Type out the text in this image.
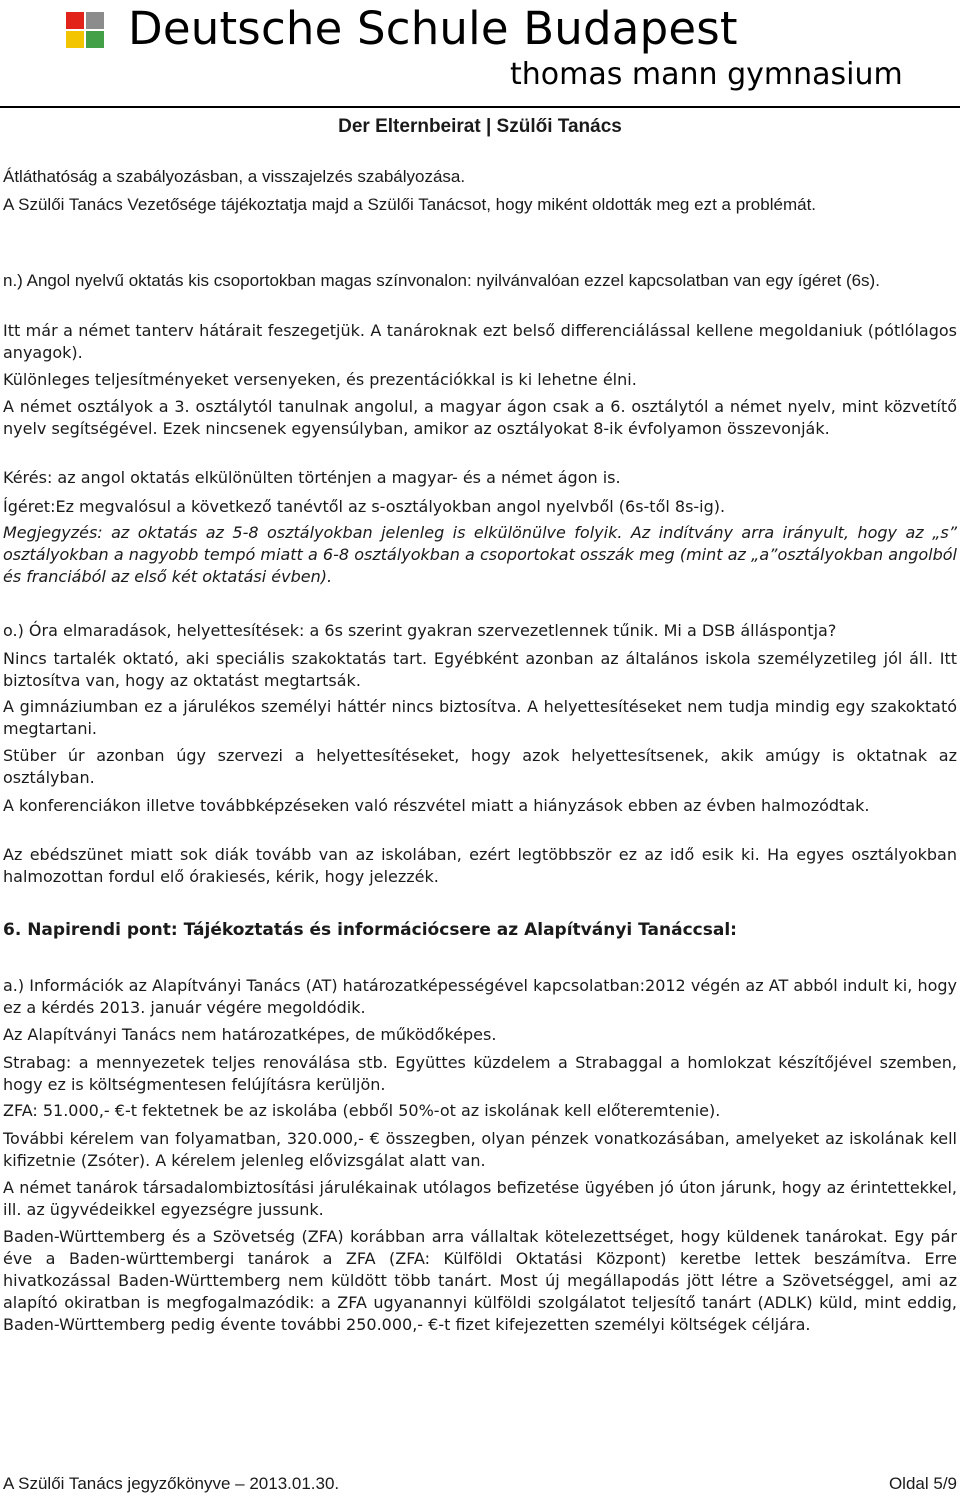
Deutsche Schule Budapest
thomas mann gymnasium
Der Elternbeirat | Szülői Tanács

Átláthatóság a szabályozásban, a visszajelzés szabályozása.

A Szülői Tanács Vezetősége tájékoztatja majd a Szülői Tanácsot, hogy miként oldották meg ezt a problémát.

n.) Angol nyelvű oktatás kis csoportokban magas színvonalon: nyilvánvalóan ezzel kapcsolatban van egy ígéret (6s).

Itt már a német tanterv hátárait feszegetjük. A tanároknak ezt belső differenciálással kellene megoldaniuk (pótlólagos anyagok).

Különleges teljesítményeket versenyeken, és prezentációkkal is ki lehetne élni.

A német osztályok a 3. osztálytól tanulnak angolul, a magyar ágon csak a 6. osztálytól a német nyelv, mint közvetítő nyelv segítségével. Ezek nincsenek egyensúlyban, amikor az osztályokat 8-ik évfolyamon összevonják.

Kérés: az angol oktatás elkülönülten történjen a magyar- és a német ágon is.

Ígéret:Ez megvalósul a következő tanévtől az s-osztályokban angol nyelvből (6s-től 8s-ig).

Megjegyzés: az oktatás az 5-8 osztályokban jelenleg is elkülönülve folyik. Az indítvány arra irányult, hogy az „s” osztályokban a nagyobb tempó miatt a 6-8 osztályokban a csoportokat osszák meg (mint az „a”osztályokban angolból és franciából az első két oktatási évben).

o.) Óra elmaradások, helyettesítések: a 6s szerint gyakran szervezetlennek tűnik. Mi a DSB álláspontja?

Nincs tartalék oktató, aki speciális szakoktatás tart. Egyébként azonban az általános iskola személyzetileg jól áll. Itt biztosítva van, hogy az oktatást megtartsák.

A gimnáziumban ez a járulékos személyi háttér nincs biztosítva. A helyettesítéseket nem tudja mindig egy szakoktató megtartani.

Stüber úr azonban úgy szervezi a helyettesítéseket, hogy azok helyettesítsenek, akik amúgy is oktatnak az osztályban.

A konferenciákon illetve továbbképzéseken való részvétel miatt a hiányzások ebben az évben halmozódtak.

Az ebédszünet miatt sok diák tovább van az iskolában, ezért legtöbbször ez az idő esik ki. Ha egyes osztályokban halmozottan fordul elő órakiesés, kérik, hogy jelezzék.

6. Napirendi pont: Tájékoztatás és információcsere az Alapítványi Tanáccsal:

a.) Információk az Alapítványi Tanács (AT) határozatképességével kapcsolatban:2012 végén az AT abból indult ki, hogy ez a kérdés 2013. január végére megoldódik.

Az Alapítványi Tanács nem határozatképes, de működőképes.

Strabag: a mennyezetek teljes renoválása stb. Együttes küzdelem a Strabaggal a homlokzat készítőjével szemben, hogy ez is költségmentesen felújításra kerüljön.

ZFA: 51.000,- €-t fektetnek be az iskolába (ebből 50%-ot az iskolának kell előteremtenie).

További kérelem van folyamatban, 320.000,- € összegben, olyan pénzek vonatkozásában, amelyeket az iskolának kell kifizetnie (Zsóter). A kérelem jelenleg elővizsgálat alatt van.

A német tanárok társadalombiztosítási járulékainak utólagos befizetése ügyében jó úton járunk, hogy az érintettekkel, ill. az ügyvédeikkel egyezségre jussunk.

Baden-Württemberg és a Szövetség (ZFA) korábban arra vállaltak kötelezettséget, hogy küldenek tanárokat. Egy pár éve a Baden-württembergi tanárok a ZFA (ZFA: Külföldi Oktatási Központ) keretbe lettek beszámítva. Erre hivatkozással Baden-Württemberg nem küldött több tanárt. Most új megállapodás jött létre a Szövetséggel, ami az alapító okiratban is megfogalmazódik: a ZFA ugyanannyi külföldi szolgálatot teljesítő tanárt (ADLK) küld, mint eddig, Baden-Württemberg pedig évente további 250.000,- €-t fizet kifejezetten személyi költségek céljára.

A Szülői Tanács jegyzőkönyve – 2013.01.30.	Oldal 5/9
